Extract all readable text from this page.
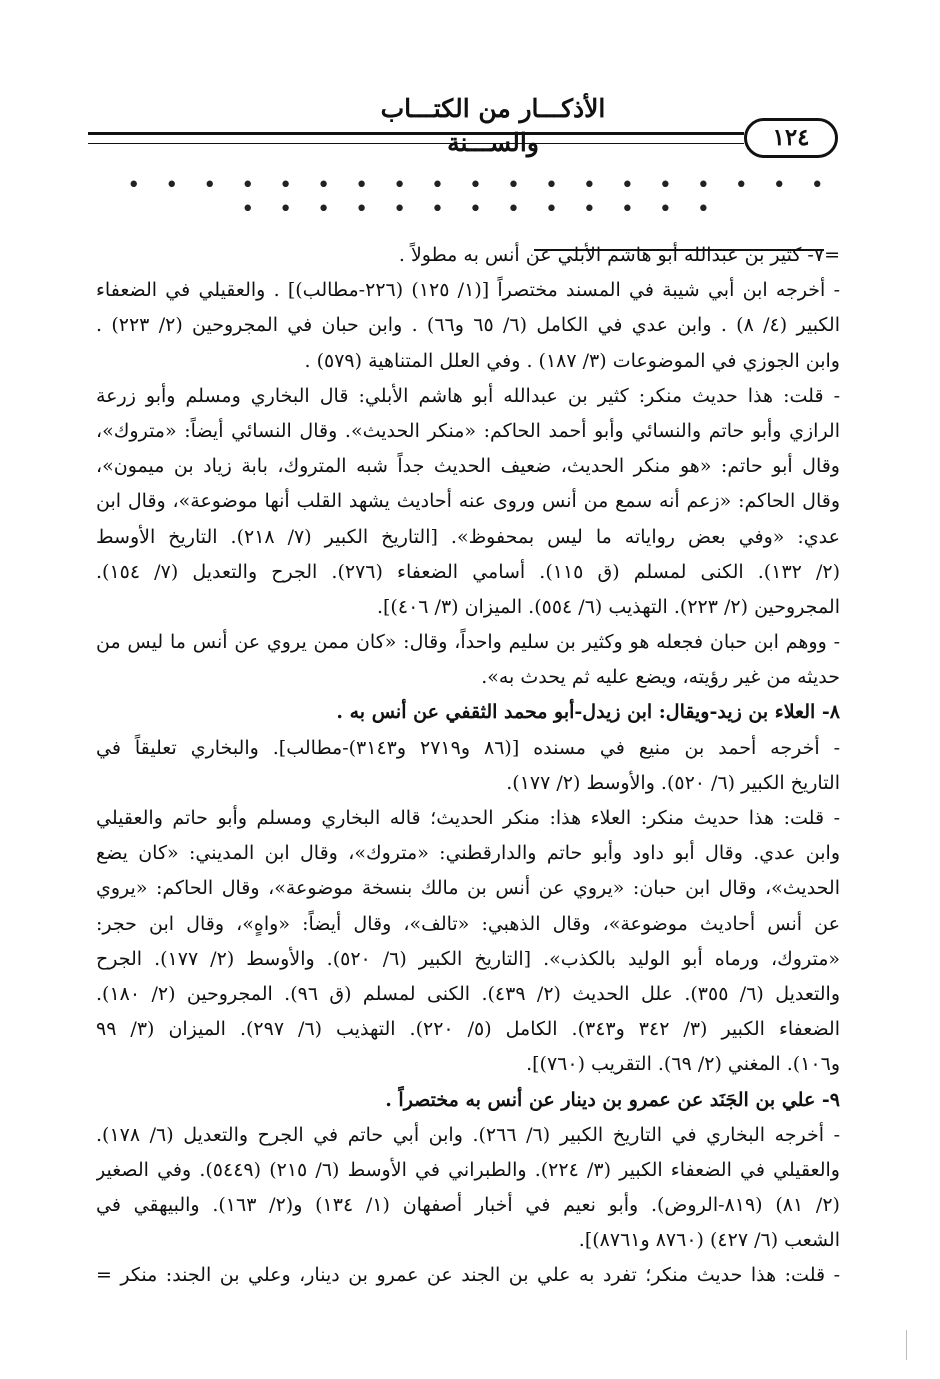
الأذكـــار من الكتـــاب والســـنة	١٢٤
• • • • • • • • • • • • • • • • • • • • • • • • • • • • • • • •
=٧- كثير بن عبدالله أبو هاشم الأبلي عن أنس به مطولاً .
- أخرجه ابن أبي شيبة في المسند مختصراً [(١/ ١٢٥) (٢٢٦-مطالب)] . والعقيلي في الضعفاء
الكبير (٤/ ٨) . وابن عدي في الكامل (٦/ ٦٥ و٦٦) . وابن حبان في المجروحين (٢/ ٢٢٣) .
وابن الجوزي في الموضوعات (٣/ ١٨٧) . وفي العلل المتناهية (٥٧٩) .
- قلت: هذا حديث منكر: كثير بن عبدالله أبو هاشم الأبلي: قال البخاري ومسلم وأبو زرعة
الرازي وأبو حاتم والنسائي وأبو أحمد الحاكم: «منكر الحديث». وقال النسائي أيضاً: «متروك»،
وقال أبو حاتم: «هو منكر الحديث، ضعيف الحديث جداً شبه المتروك، بابة زياد بن ميمون»،
وقال الحاكم: «زعم أنه سمع من أنس وروى عنه أحاديث يشهد القلب أنها موضوعة»، وقال ابن
عدي: «وفي بعض رواياته ما ليس بمحفوظ». [التاريخ الكبير (٧/ ٢١٨). التاريخ الأوسط
(٢/ ١٣٢). الكنى لمسلم (ق ١١٥). أسامي الضعفاء (٢٧٦). الجرح والتعديل (٧/ ١٥٤).
المجروحين (٢/ ٢٢٣). التهذيب (٦/ ٥٥٤). الميزان (٣/ ٤٠٦)].
- ووهم ابن حبان فجعله هو وكثير بن سليم واحداً، وقال: «كان ممن يروي عن أنس ما ليس من
حديثه من غير رؤيته، ويضع عليه ثم يحدث به».
٨- العلاء بن زيد-ويقال: ابن زيدل-أبو محمد الثقفي عن أنس به .
- أخرجه أحمد بن منيع في مسنده [(٨٦ و٢٧١٩ و٣١٤٣)-مطالب]. والبخاري تعليقاً في
التاريخ الكبير (٦/ ٥٢٠). والأوسط (٢/ ١٧٧).
- قلت: هذا حديث منكر: العلاء هذا: منكر الحديث؛ قاله البخاري ومسلم وأبو حاتم والعقيلي
وابن عدي. وقال أبو داود وأبو حاتم والدارقطني: «متروك»، وقال ابن المديني: «كان يضع
الحديث»، وقال ابن حبان: «يروي عن أنس بن مالك بنسخة موضوعة»، وقال الحاكم: «يروي
عن أنس أحاديث موضوعة»، وقال الذهبي: «تالف»، وقال أيضاً: «واهٍ»، وقال ابن حجر:
«متروك، ورماه أبو الوليد بالكذب». [التاريخ الكبير (٦/ ٥٢٠). والأوسط (٢/ ١٧٧). الجرح
والتعديل (٦/ ٣٥٥). علل الحديث (٢/ ٤٣٩). الكنى لمسلم (ق ٩٦). المجروحين (٢/ ١٨٠).
الضعفاء الكبير (٣/ ٣٤٢ و٣٤٣). الكامل (٥/ ٢٢٠). التهذيب (٦/ ٢٩٧). الميزان (٣/ ٩٩
و١٠٦). المغني (٢/ ٦٩). التقريب (٧٦٠)].
٩- علي بن الجَنَد عن عمرو بن دينار عن أنس به مختصراً .
- أخرجه البخاري في التاريخ الكبير (٦/ ٢٦٦). وابن أبي حاتم في الجرح والتعديل (٦/ ١٧٨).
والعقيلي في الضعفاء الكبير (٣/ ٢٢٤). والطبراني في الأوسط (٦/ ٢١٥) (٥٤٤٩). وفي الصغير
(٢/ ٨١) (٨١٩-الروض). وأبو نعيم في أخبار أصفهان (١/ ١٣٤) و(٢/ ١٦٣). والبيهقي في
الشعب (٦/ ٤٢٧) (٨٧٦٠ و٨٧٦١)].
- قلت: هذا حديث منكر؛ تفرد به علي بن الجند عن عمرو بن دينار، وعلي بن الجند: منكر =
